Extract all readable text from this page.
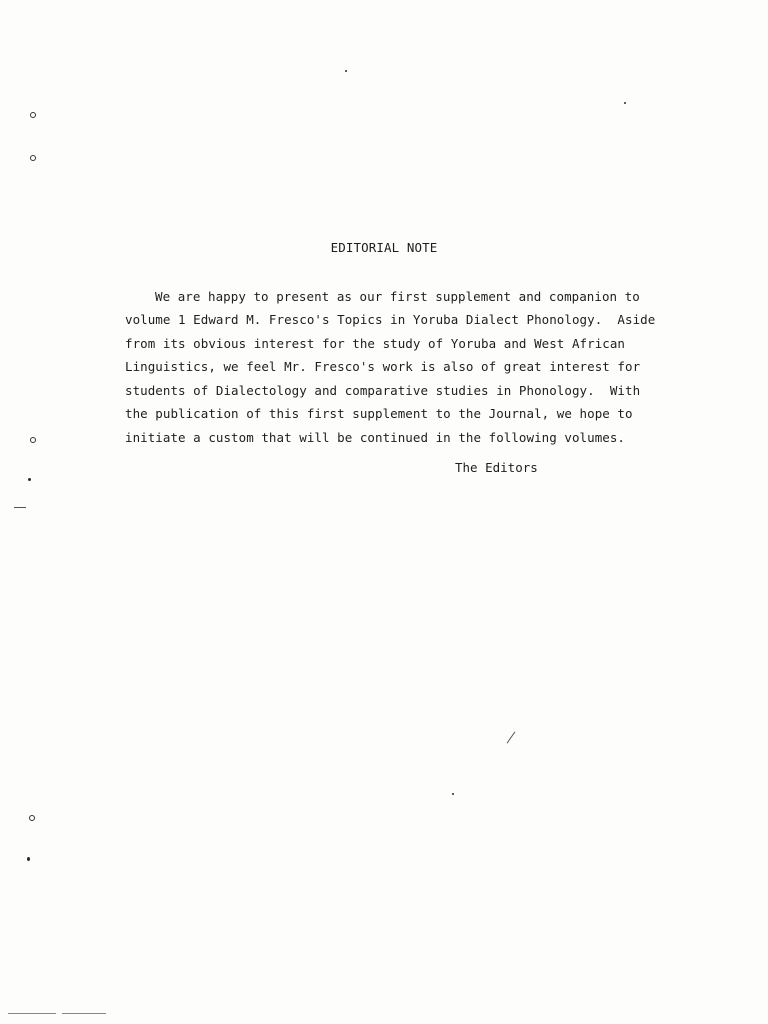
EDITORIAL NOTE
We are happy to present as our first supplement and companion to
volume 1 Edward M. Fresco's Topics in Yoruba Dialect Phonology.  Aside
from its obvious interest for the study of Yoruba and West African
Linguistics, we feel Mr. Fresco's work is also of great interest for
students of Dialectology and comparative studies in Phonology.  With
the publication of this first supplement to the Journal, we hope to
initiate a custom that will be continued in the following volumes.
The Editors
